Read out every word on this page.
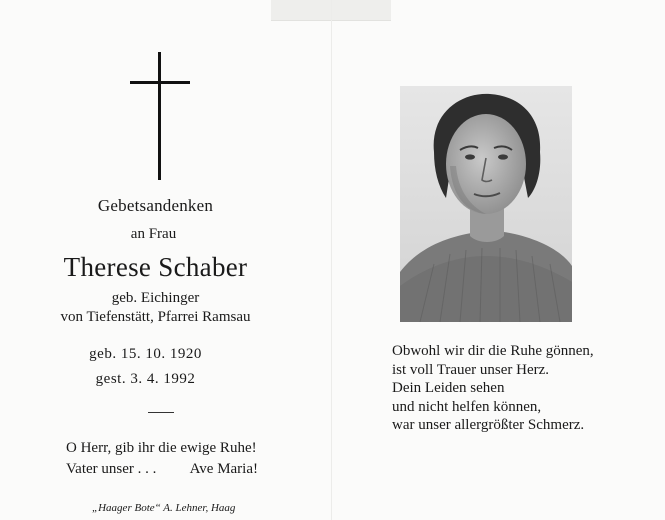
Gebetsandenken
an Frau
Therese Schaber
geb. Eichinger
von Tiefenstätt, Pfarrei Ramsau
geb. 15. 10. 1920
gest. 3. 4. 1992
O Herr, gib ihr die ewige Ruhe!
Vater unser . . . Ave Maria!
„Haager Bote“ A. Lehner, Haag
Obwohl wir dir die Ruhe gönnen,
ist voll Trauer unser Herz.
Dein Leiden sehen
und nicht helfen können,
war unser allergrößter Schmerz.
